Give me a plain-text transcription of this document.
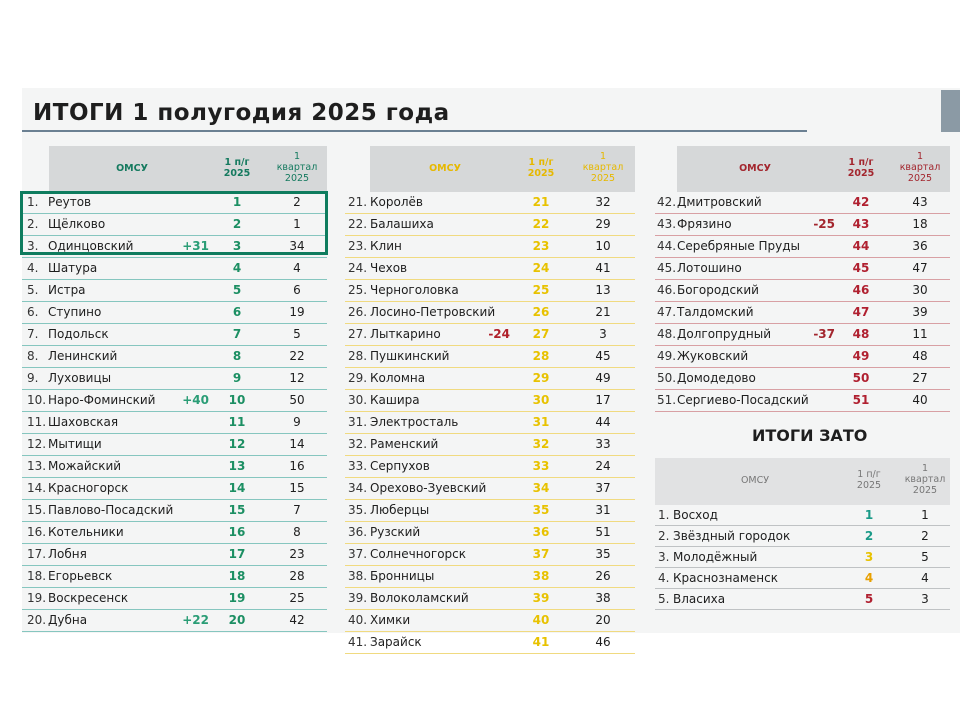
ИТОГИ 1 полугодия 2025 года
ОМСУ
1 п/г
2025
1
квартал
2025
1. Реутов	1	2
2. Щёлково	2	1
3. Одинцовский	+31	3	34
4. Шатура	4	4
5. Истра	5	6
6. Ступино	6	19
7. Подольск	7	5
8. Ленинский	8	22
9. Луховицы	9	12
10. Наро-Фоминский +40	10	50
11. Шаховская	11	9
12. Мытищи	12	14
13. Можайский	13	16
14. Красногорск	14	15
15. Павлово-Посадский	15	7
16. Котельники	16	8
17. Лобня	17	23
18. Егорьевск	18	28
19. Воскресенск	19	25
20. Дубна	+22	20	42
ОМСУ
1 п/г
2025
1
квартал
2025
21. Королёв	21	32
22. Балашиха	22	29
23. Клин	23	10
24. Чехов	24	41
25. Черноголовка	25	13
26. Лосино-Петровский	26	21
27. Лыткарино	-24	27	3
28. Пушкинский	28	45
29. Коломна	29	49
30. Кашира	30	17
31. Электросталь	31	44
32. Раменский	32	33
33. Серпухов	33	24
34. Орехово-Зуевский	34	37
35. Люберцы	35	31
36. Рузский	36	51
37. Солнечногорск	37	35
38. Бронницы	38	26
39. Волоколамский	39	38
40. Химки	40	20
41. Зарайск	41	46
ОМСУ
1 п/г
2025
1
квартал
2025
42. Дмитровский	42	43
43. Фрязино	-25	43	18
44. Серебряные Пруды	44	36
45. Лотошино	45	47
46. Богородский	46	30
47. Талдомский	47	39
48. Долгопрудный	-37	48	11
49. Жуковский	49	48
50. Домодедово	50	27
51. Сергиево-Посадский	51	40
ИТОГИ ЗАТО
ОМСУ
1 п/г
2025
1
квартал
2025
1. Восход	1	1
2. Звёздный городок	2	2
3. Молодёжный	3	5
4. Краснознаменск	4	4
5. Власиха	5	3
